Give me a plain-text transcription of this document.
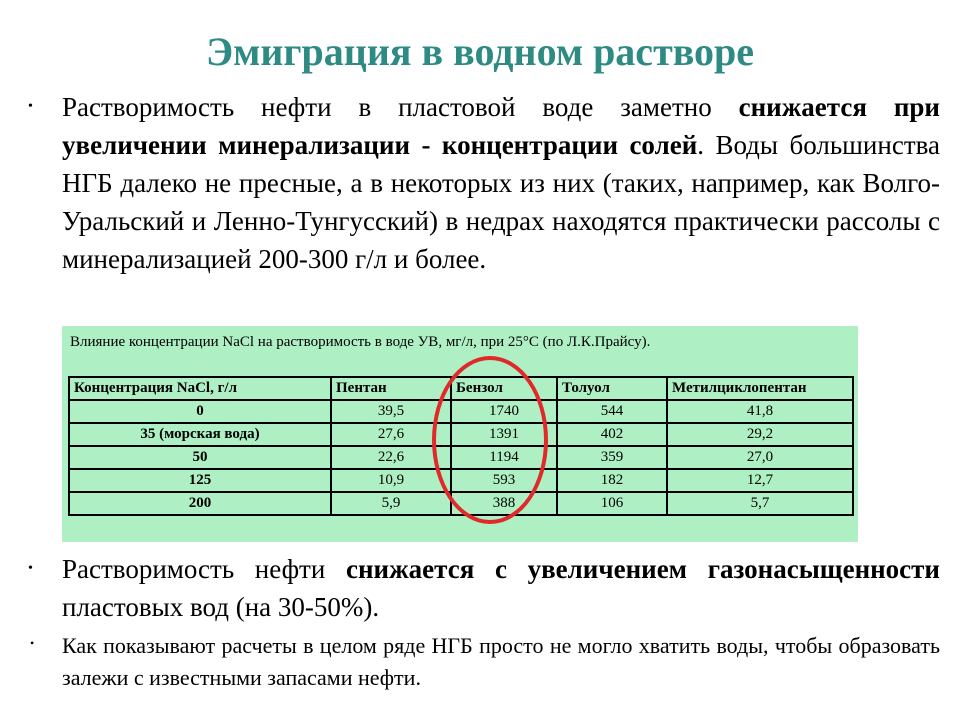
Эмиграция в водном растворе
• Растворимость нефти в пластовой воде заметно снижается при увеличении минерализации - концентрации солей. Воды большинства НГБ далеко не пресные, а в некоторых из них (таких, например, как Волго-Уральский и Ленно-Тунгусский) в недрах находятся практически рассолы с минерализацией 200-300 г/л и более.
Влияние концентрации NaCl на растворимость в воде УВ, мг/л, при 25°С (по Л.К.Прайсу).
Концентрация NaCl, г/л	Пентан	Бензол	Толуол	Метилциклопентан
0	39,5	1740	544	41,8
35 (морская вода)	27,6	1391	402	29,2
50	22,6	1194	359	27,0
125	10,9	593	182	12,7
200	5,9	388	106	5,7
• Растворимость нефти снижается с увеличением газонасыщенности пластовых вод (на 30-50%).
• Как показывают расчеты в целом ряде НГБ просто не могло хватить воды, чтобы образовать залежи с известными запасами нефти.
